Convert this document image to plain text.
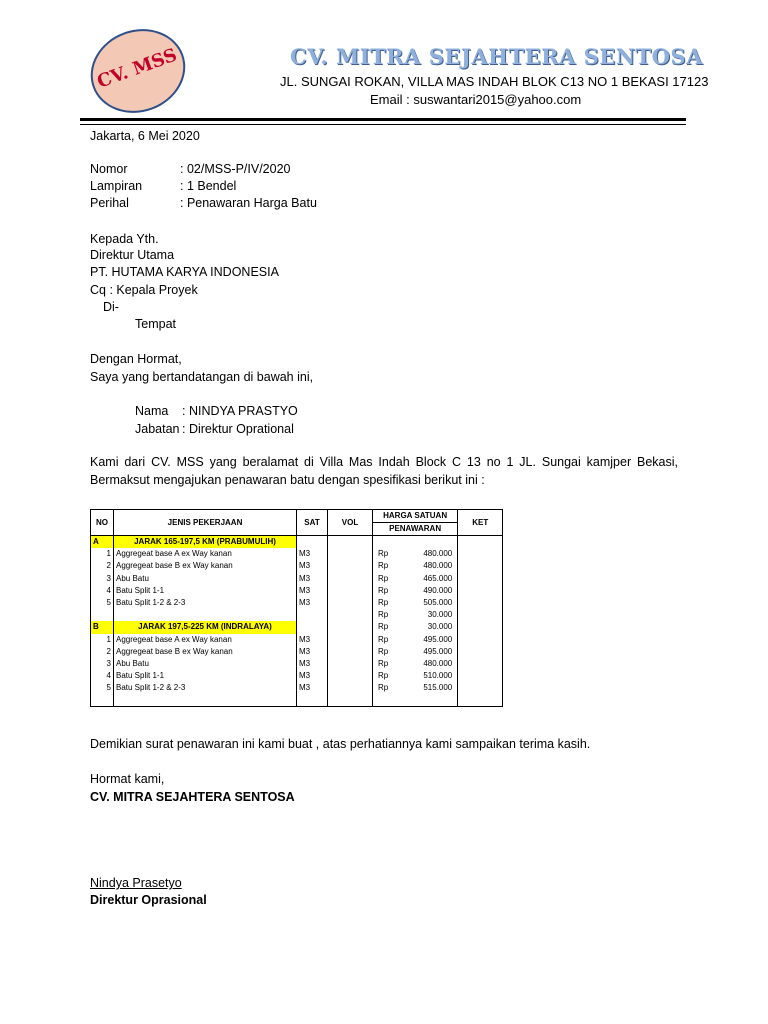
CV. MSS	CV. MITRA SEJAHTERA SENTOSA
JL. SUNGAI ROKAN, VILLA MAS INDAH BLOK C13 NO 1 BEKASI 17123
Email : suswantari2015@yahoo.com
Jakarta, 6 Mei 2020
Nomor	: 02/MSS-P/IV/2020
Lampiran	: 1 Bendel
Perihal	: Penawaran Harga Batu
Kepada Yth.
Direktur Utama
PT. HUTAMA KARYA INDONESIA
Cq : Kepala Proyek
Di-
Tempat
Dengan Hormat,
Saya yang bertandatangan di bawah ini,
Nama : NINDYA PRASTYO
Jabatan : Direktur Oprational
Kami dari CV. MSS yang beralamat di Villa Mas Indah Block C 13 no 1 JL. Sungai kamjper Bekasi,
Bermaksut mengajukan penawaran batu dengan spesifikasi berikut ini :
NO	JENIS PEKERJAAN	SAT	VOL	HARGA SATUAN		KET
				PENAWARAN		
A	JARAK 165-197,5 KM (PRABUMULIH)					
1	Aggregeat base A ex Way kanan	M3		Rp	480.000	
2	Aggregeat base B ex Way kanan	M3		Rp	480.000	
3	Abu Batu	M3		Rp	465.000	
4	Batu Split 1-1	M3		Rp	490.000	
5	Batu Split 1-2 & 2-3	M3		Rp	505.000	
				Rp	30.000	
B	JARAK 197,5-225 KM (INDRALAYA)			Rp	30.000	
1	Aggregeat base A ex Way kanan	M3		Rp	495.000	
2	Aggregeat base B ex Way kanan	M3		Rp	495.000	
3	Abu Batu	M3		Rp	480.000	
4	Batu Split 1-1	M3		Rp	510.000	
5	Batu Split 1-2 & 2-3	M3		Rp	515.000	

Demikian surat penawaran ini kami buat , atas perhatiannya kami sampaikan terima kasih.
Hormat kami,
CV. MITRA SEJAHTERA SENTOSA
Nindya Prasetyo
Direktur Oprasional
